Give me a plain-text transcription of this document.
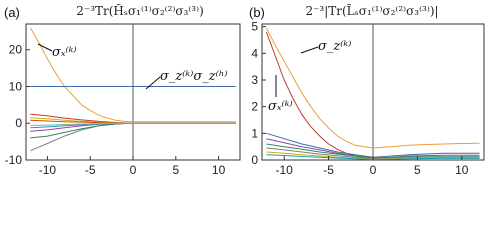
(a)	2⁻³Tr(H̃ₛσ₁⁽¹⁾σ₂⁽²⁾σ₃⁽³⁾)
-10 -5	0	5	10
-10
0
10
20 σₓ⁽ᵏ⁾
σ_z⁽ᵏ⁾σ_z⁽ʰ⁾
(b)	2⁻³|Tr(L̃ₛσ₁⁽¹⁾σ₂⁽²⁾σ₃⁽³⁾)|
-10	-5	0	5	10
0
1
2
3
4
5
σ_z⁽ᵏ⁾
σₓ⁽ᵏ⁾
